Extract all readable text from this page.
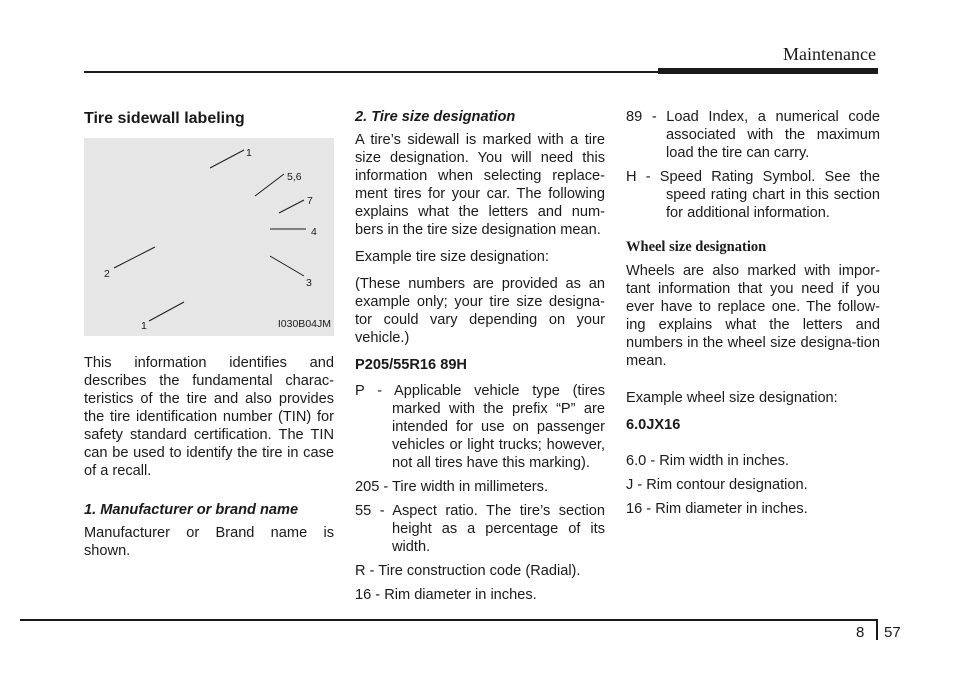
Maintenance
Tire sidewall labeling
1
5,6
7
4
2
3
1	I030B04JM

This information identifies and describes the fundamental charac-teristics of the tire and also provides the tire identification number (TIN) for safety standard certification. The TIN can be used to identify the tire in case of a recall.

1. Manufacturer or brand name

Manufacturer or Brand name is shown.

2. Tire size designation

A tire’s sidewall is marked with a tire size designation. You will need this information when selecting replace-ment tires for your car. The following explains what the letters and num-bers in the tire size designation mean.

Example tire size designation:

(These numbers are provided as an example only; your tire size designa-tor could vary depending on your vehicle.)

P205/55R16 89H
P - Applicable vehicle type (tires marked with the prefix “P” are intended for use on passenger vehicles or light trucks; however, not all tires have this marking).
205 - Tire width in millimeters.
55 - Aspect ratio. The tire’s section height as a percentage of its width.
R - Tire construction code (Radial).
16 - Rim diameter in inches.
89 - Load Index, a numerical code associated with the maximum load the tire can carry.
H - Speed Rating Symbol. See the speed rating chart in this section for additional information.
Wheel size designation

Wheels are also marked with impor-tant information that you need if you ever have to replace one. The follow-ing explains what the letters and numbers in the wheel size designa-tion mean.

Example wheel size designation:

6.0JX16
6.0 - Rim width in inches.
J - Rim contour designation.
16 - Rim diameter in inches.
8 57
